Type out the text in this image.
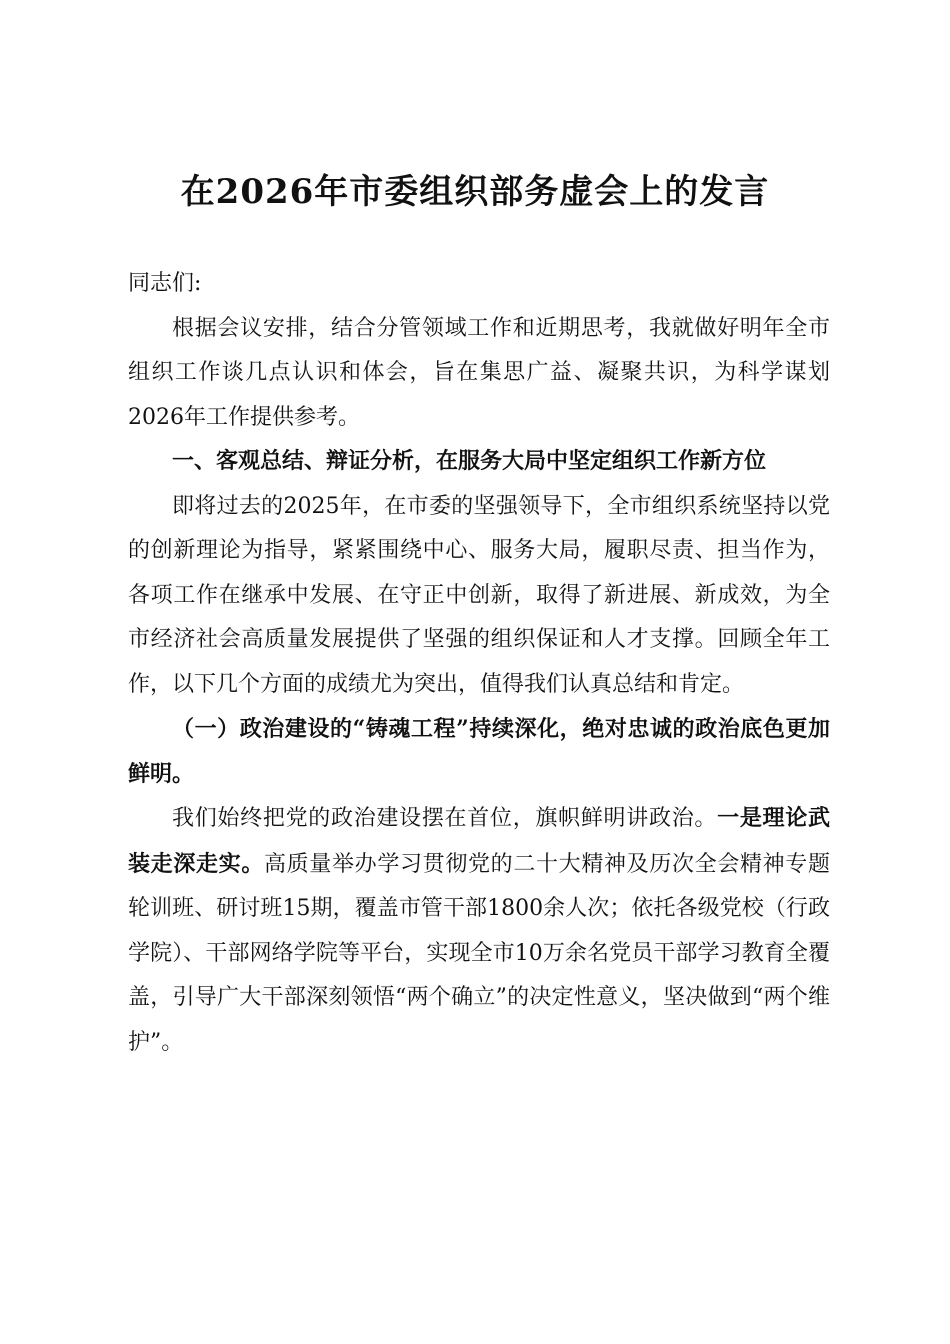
在2026年市委组织部务虚会上的发言

同志们:

根据会议安排，结合分管领域工作和近期思考，我就做好明年全市组织工作谈几点认识和体会，旨在集思广益、凝聚共识，为科学谋划2026年工作提供参考。

一、客观总结、辩证分析，在服务大局中坚定组织工作新方位

即将过去的2025年，在市委的坚强领导下，全市组织系统坚持以党的创新理论为指导，紧紧围绕中心、服务大局，履职尽责、担当作为，各项工作在继承中发展、在守正中创新，取得了新进展、新成效，为全市经济社会高质量发展提供了坚强的组织保证和人才支撑。回顾全年工作，以下几个方面的成绩尤为突出，值得我们认真总结和肯定。

（一）政治建设的“铸魂工程”持续深化，绝对忠诚的政治底色更加鲜明。

我们始终把党的政治建设摆在首位，旗帜鲜明讲政治。一是理论武装走深走实。高质量举办学习贯彻党的二十大精神及历次全会精神专题轮训班、研讨班15期，覆盖市管干部1800余人次；依托各级党校（行政学院）、干部网络学院等平台，实现全市10万余名党员干部学习教育全覆盖，引导广大干部深刻领悟“两个确立”的决定性意义，坚决做到“两个维护”。
